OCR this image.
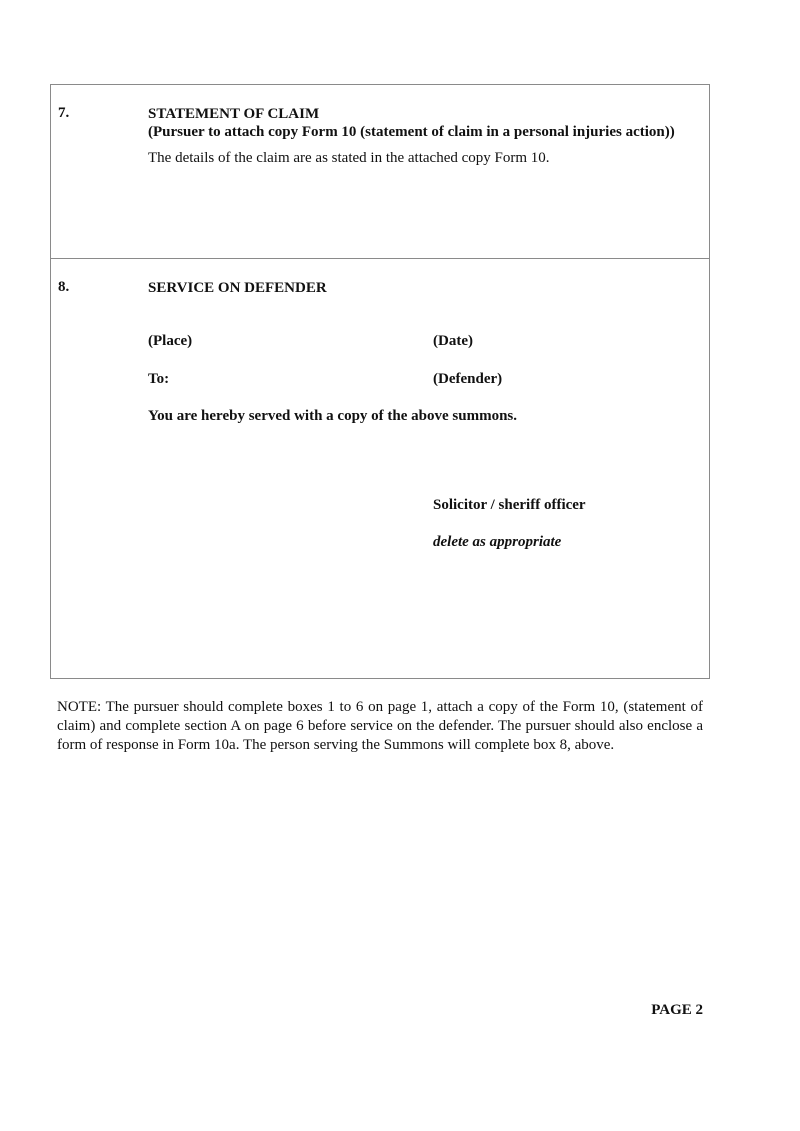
7.	STATEMENT OF CLAIM
(Pursuer to attach copy Form 10 (statement of claim in a personal injuries action))
The details of the claim are as stated in the attached copy Form 10.
8.	SERVICE ON DEFENDER
(Place)	(Date)
To:	(Defender)
You are hereby served with a copy of the above summons.
Solicitor / sheriff officer
delete as appropriate
NOTE: The pursuer should complete boxes 1 to 6 on page 1, attach a copy of the Form 10, (statement of claim) and complete section A on page 6 before service on the defender. The pursuer should also enclose a form of response in Form 10a. The person serving the Summons will complete box 8, above.
PAGE 2
